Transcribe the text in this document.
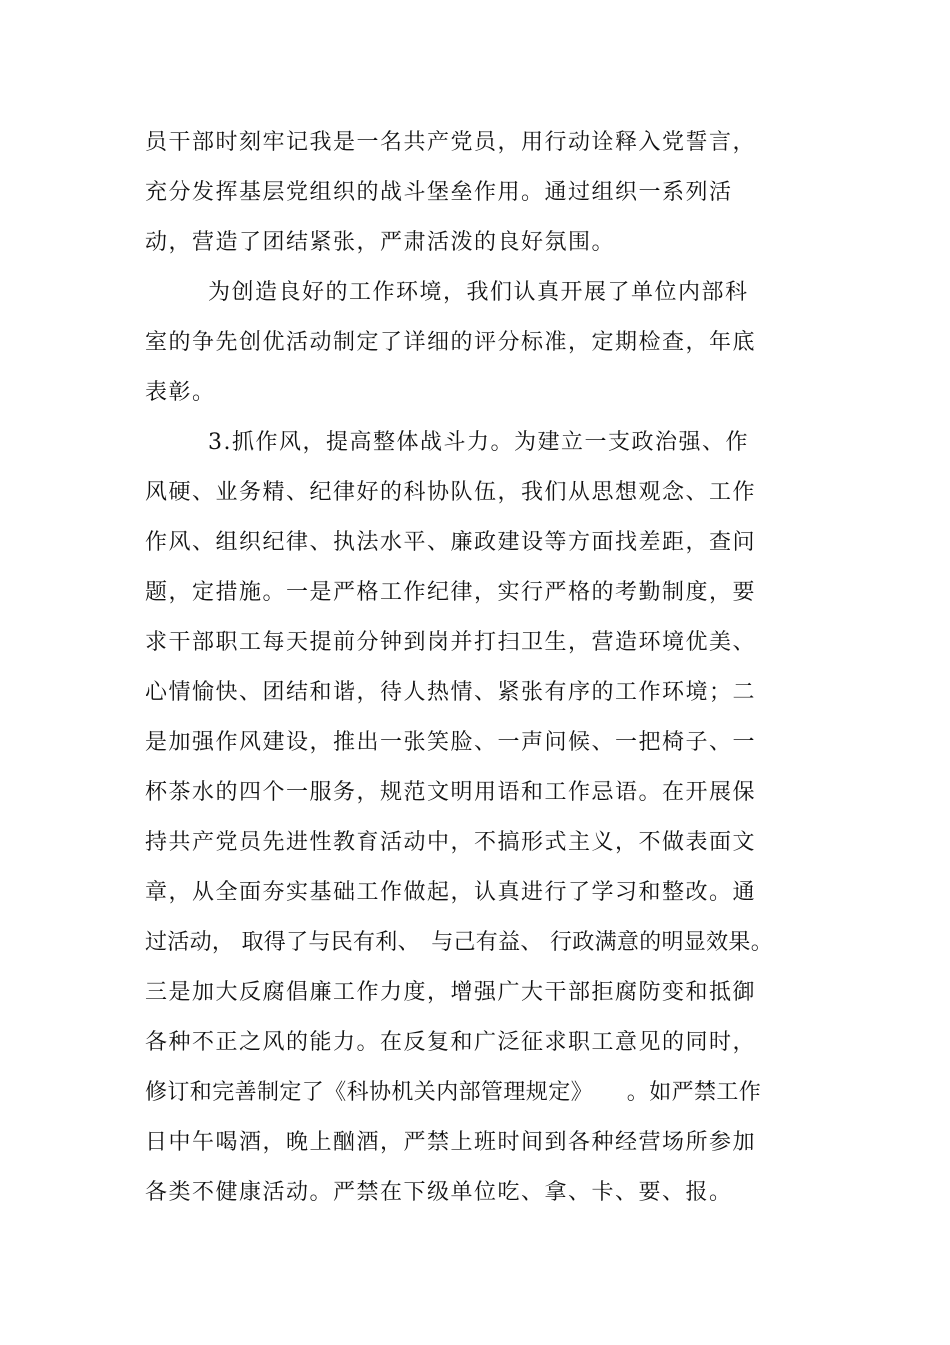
员干部时刻牢记我是一名共产党员，用行动诠释入党誓言，
充分发挥基层党组织的战斗堡垒作用。通过组织一系列活
动，营造了团结紧张，严肃活泼的良好氛围。
为创造良好的工作环境，我们认真开展了单位内部科
室的争先创优活动制定了详细的评分标准，定期检查，年底
表彰。
3.抓作风，提高整体战斗力。为建立一支政治强、作
风硬、业务精、纪律好的科协队伍，我们从思想观念、工作
作风、组织纪律、执法水平、廉政建设等方面找差距，查问
题，定措施。一是严格工作纪律，实行严格的考勤制度，要
求干部职工每天提前分钟到岗并打扫卫生，营造环境优美、
心情愉快、团结和谐，待人热情、紧张有序的工作环境；二
是加强作风建设，推出一张笑脸、一声问候、一把椅子、一
杯茶水的四个一服务，规范文明用语和工作忌语。在开展保
持共产党员先进性教育活动中，不搞形式主义，不做表面文
章，从全面夯实基础工作做起，认真进行了学习和整改。通
过活动， 取得了与民有利、　与己有益、 行政满意的明显效果。
三是加大反腐倡廉工作力度，增强广大干部拒腐防变和抵御
各种不正之风的能力。在反复和广泛征求职工意见的同时，
修订和完善制定了《科协机关内部管理规定》　　。如严禁工作
日中午喝酒，晚上酗酒，严禁上班时间到各种经营场所参加
各类不健康活动。严禁在下级单位吃、拿、卡、要、报。
